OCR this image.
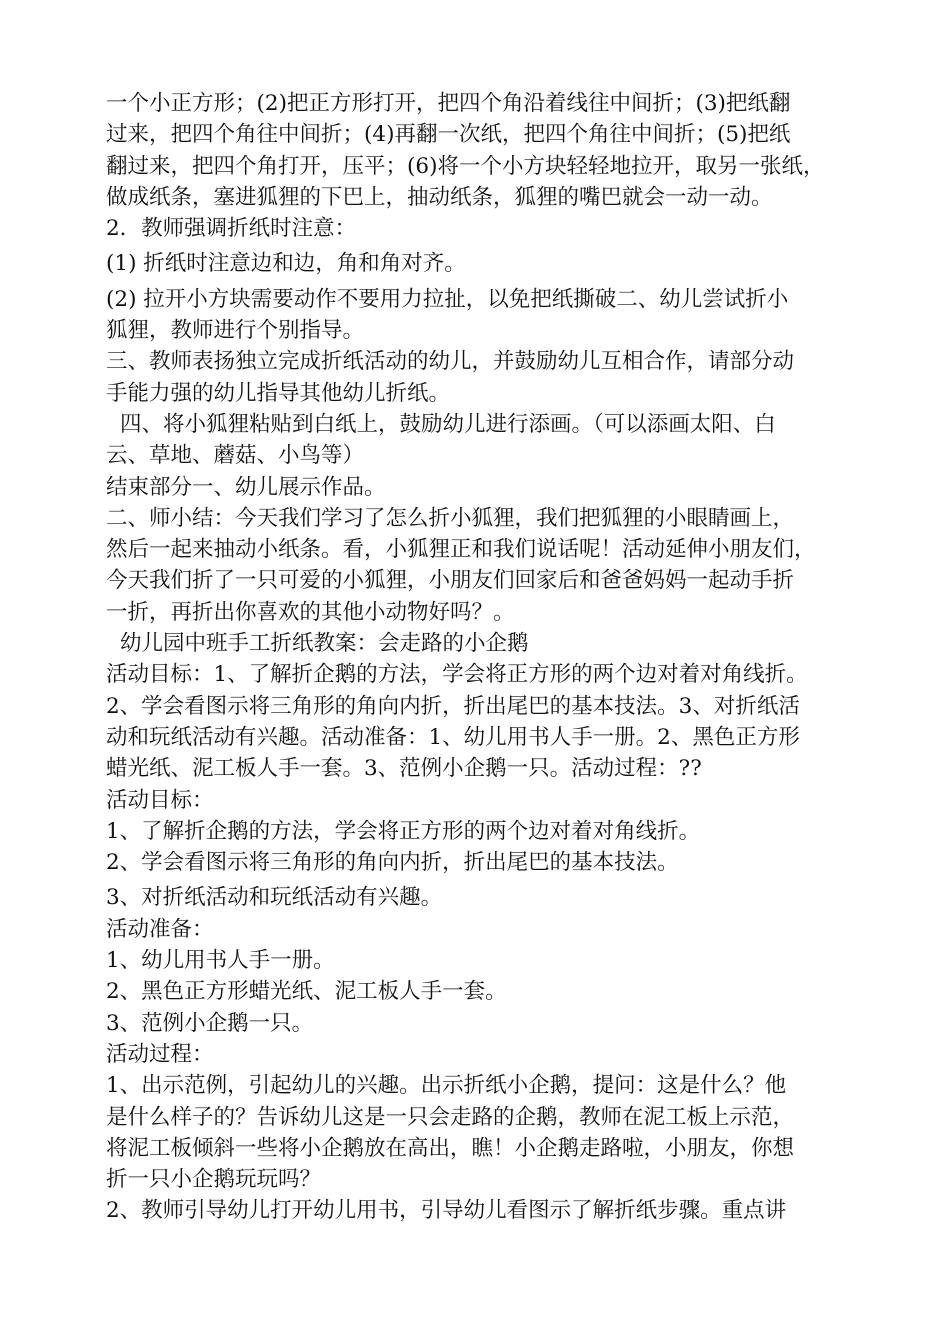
一个小正方形；(2)把正方形打开，把四个角沿着线往中间折；(3)把纸翻
过来，把四个角往中间折；(4)再翻一次纸，把四个角往中间折；(5)把纸
翻过来，把四个角打开，压平；(6)将一个小方块轻轻地拉开，取另一张纸，
做成纸条，塞进狐狸的下巴上，抽动纸条，狐狸的嘴巴就会一动一动。
2．教师强调折纸时注意：
(1) 折纸时注意边和边，角和角对齐。
(2) 拉开小方块需要动作不要用力拉扯，以免把纸撕破二、幼儿尝试折小
狐狸，教师进行个别指导。
三、教师表扬独立完成折纸活动的幼儿，并鼓励幼儿互相合作，请部分动
手能力强的幼儿指导其他幼儿折纸。
四、将小狐狸粘贴到白纸上，鼓励幼儿进行添画。（可以添画太阳、白
云、草地、蘑菇、小鸟等）
结束部分一、幼儿展示作品。
二、师小结：今天我们学习了怎么折小狐狸，我们把狐狸的小眼睛画上，
然后一起来抽动小纸条。看，小狐狸正和我们说话呢！活动延伸小朋友们，
今天我们折了一只可爱的小狐狸，小朋友们回家后和爸爸妈妈一起动手折
一折，再折出你喜欢的其他小动物好吗？。
幼儿园中班手工折纸教案：会走路的小企鹅
活动目标：1、了解折企鹅的方法，学会将正方形的两个边对着对角线折。
2、学会看图示将三角形的角向内折，折出尾巴的基本技法。3、对折纸活
动和玩纸活动有兴趣。活动准备：1、幼儿用书人手一册。2、黑色正方形
蜡光纸、泥工板人手一套。3、范例小企鹅一只。活动过程：??
活动目标：
1、了解折企鹅的方法，学会将正方形的两个边对着对角线折。
2、学会看图示将三角形的角向内折，折出尾巴的基本技法。
3、对折纸活动和玩纸活动有兴趣。
活动准备：
1、幼儿用书人手一册。
2、黑色正方形蜡光纸、泥工板人手一套。
3、范例小企鹅一只。
活动过程：
1、出示范例，引起幼儿的兴趣。出示折纸小企鹅，提问：这是什么？他
是什么样子的？告诉幼儿这是一只会走路的企鹅，教师在泥工板上示范，
将泥工板倾斜一些将小企鹅放在高出，瞧！小企鹅走路啦，小朋友，你想
折一只小企鹅玩玩吗？
2、教师引导幼儿打开幼儿用书，引导幼儿看图示了解折纸步骤。重点讲
